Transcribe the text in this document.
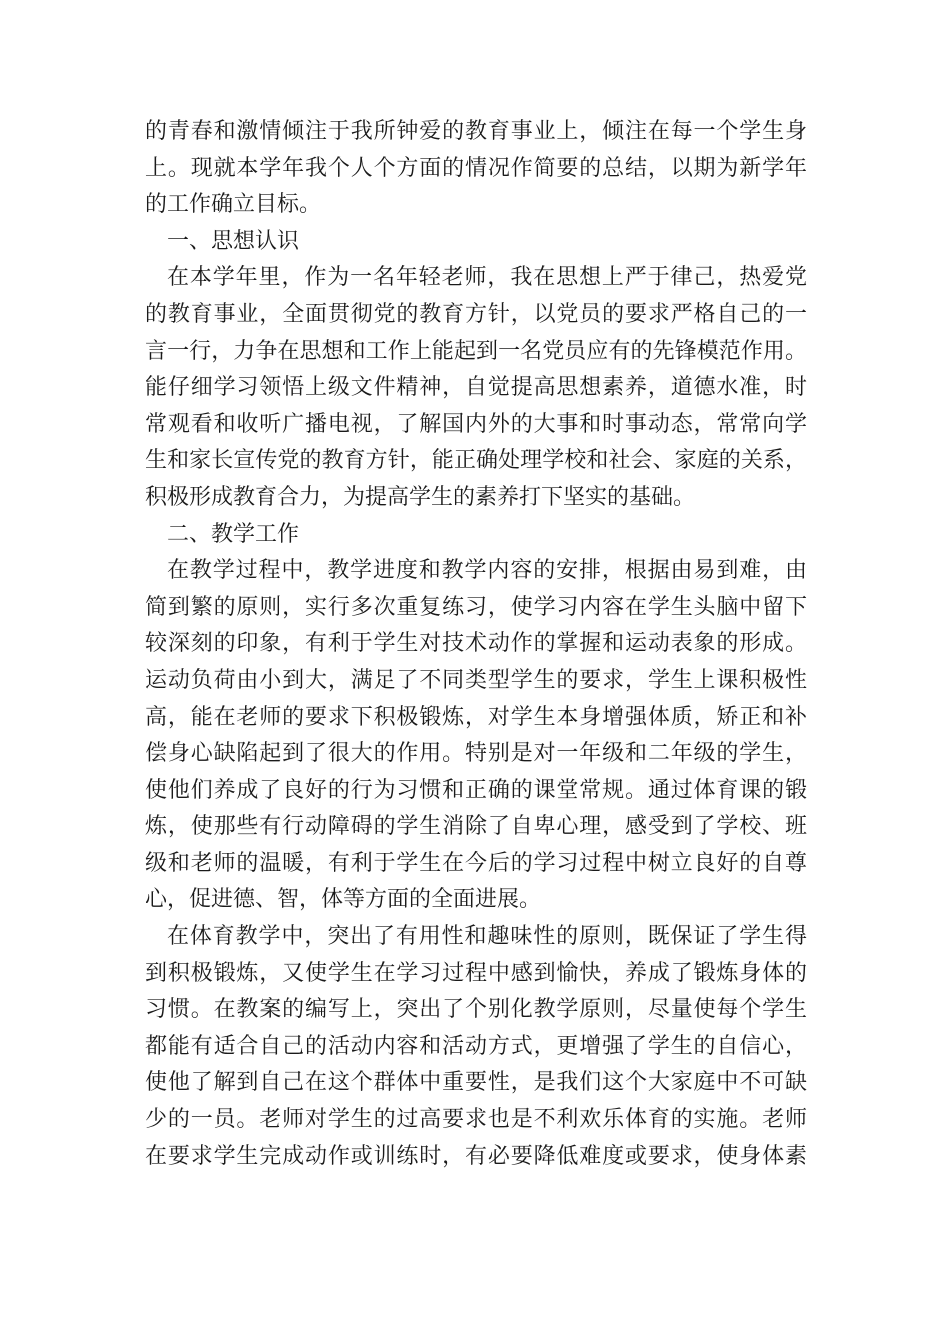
的青春和激情倾注于我所钟爱的教育事业上，倾注在每一个学生身
上。现就本学年我个人个方面的情况作简要的总结，以期为新学年
的工作确立目标。
一、思想认识
在本学年里，作为一名年轻老师，我在思想上严于律己，热爱党
的教育事业，全面贯彻党的教育方针，以党员的要求严格自己的一
言一行，力争在思想和工作上能起到一名党员应有的先锋模范作用。
能仔细学习领悟上级文件精神，自觉提高思想素养，道德水准，时
常观看和收听广播电视，了解国内外的大事和时事动态，常常向学
生和家长宣传党的教育方针，能正确处理学校和社会、家庭的关系，
积极形成教育合力，为提高学生的素养打下坚实的基础。
二、教学工作
在教学过程中，教学进度和教学内容的安排，根据由易到难，由
简到繁的原则，实行多次重复练习，使学习内容在学生头脑中留下
较深刻的印象，有利于学生对技术动作的掌握和运动表象的形成。
运动负荷由小到大，满足了不同类型学生的要求，学生上课积极性
高，能在老师的要求下积极锻炼，对学生本身增强体质，矫正和补
偿身心缺陷起到了很大的作用。特别是对一年级和二年级的学生，
使他们养成了良好的行为习惯和正确的课堂常规。通过体育课的锻
炼，使那些有行动障碍的学生消除了自卑心理，感受到了学校、班
级和老师的温暖，有利于学生在今后的学习过程中树立良好的自尊
心，促进德、智，体等方面的全面进展。
在体育教学中，突出了有用性和趣味性的原则，既保证了学生得
到积极锻炼，又使学生在学习过程中感到愉快，养成了锻炼身体的
习惯。在教案的编写上，突出了个别化教学原则，尽量使每个学生
都能有适合自己的活动内容和活动方式，更增强了学生的自信心，
使他了解到自己在这个群体中重要性，是我们这个大家庭中不可缺
少的一员。老师对学生的过高要求也是不利欢乐体育的实施。老师
在要求学生完成动作或训练时，有必要降低难度或要求，使身体素
